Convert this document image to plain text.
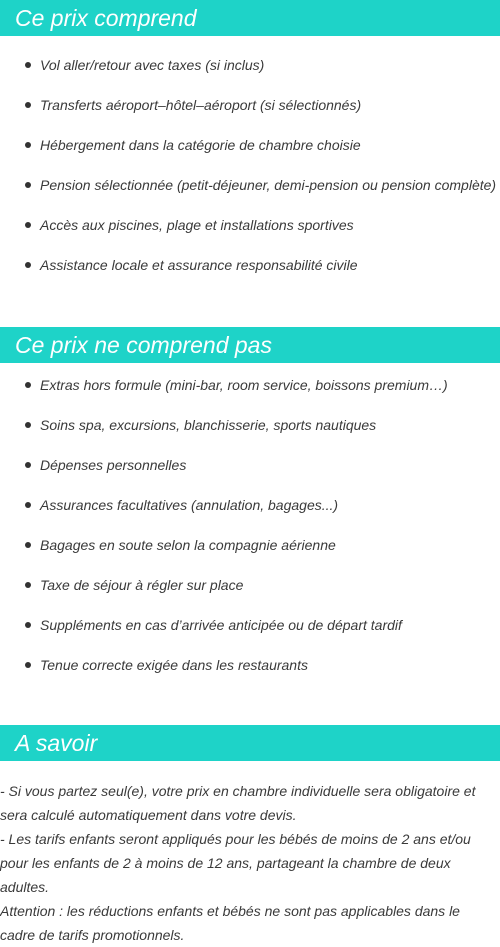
Ce prix comprend
Vol aller/retour avec taxes (si inclus)
Transferts aéroport–hôtel–aéroport (si sélectionnés)
Hébergement dans la catégorie de chambre choisie
Pension sélectionnée (petit-déjeuner, demi-pension ou pension complète)
Accès aux piscines, plage et installations sportives
Assistance locale et assurance responsabilité civile
Ce prix ne comprend pas
Extras hors formule (mini-bar, room service, boissons premium…)
Soins spa, excursions, blanchisserie, sports nautiques
Dépenses personnelles
Assurances facultatives (annulation, bagages...)
Bagages en soute selon la compagnie aérienne
Taxe de séjour à régler sur place
Suppléments en cas d’arrivée anticipée ou de départ tardif
Tenue correcte exigée dans les restaurants
A savoir

- Si vous partez seul(e), votre prix en chambre individuelle sera obligatoire et sera calculé automatiquement dans votre devis.

- Les tarifs enfants seront appliqués pour les bébés de moins de 2 ans et/ou pour les enfants de 2 à moins de 12 ans, partageant la chambre de deux adultes.

Attention : les réductions enfants et bébés ne sont pas applicables dans le cadre de tarifs promotionnels.
